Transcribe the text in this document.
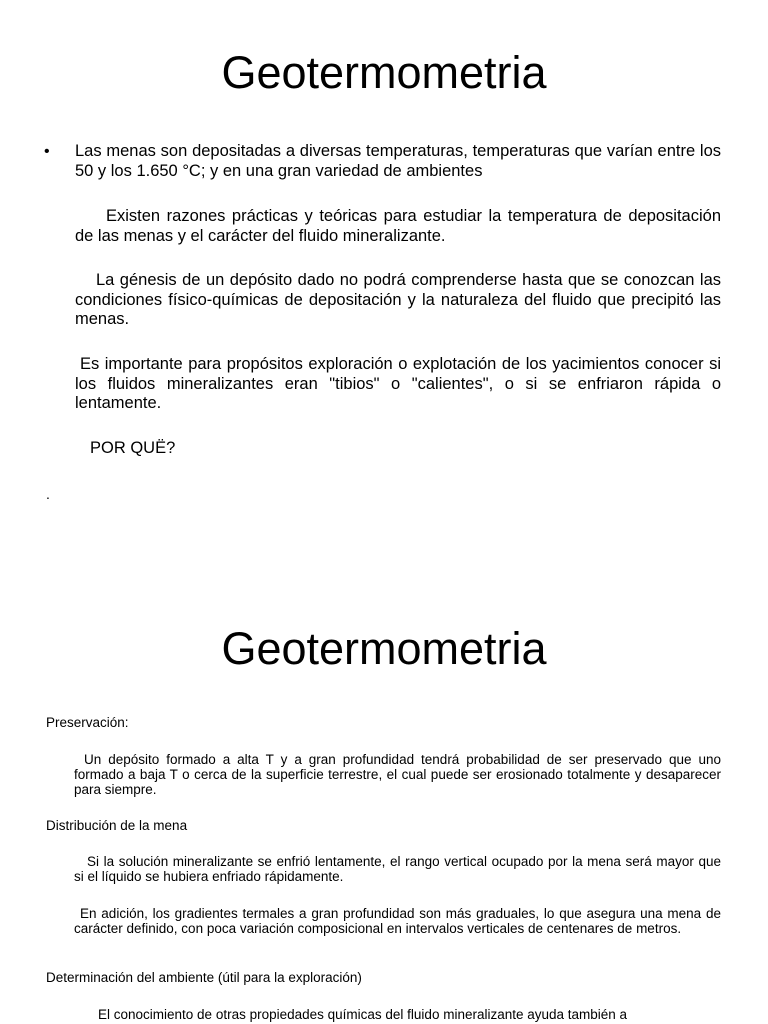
Geotermometria
• Las menas son depositadas a diversas temperaturas, temperaturas que varían entre los 50 y los 1.650 °C; y en una gran variedad de ambientes

Existen razones prácticas y teóricas para estudiar la temperatura de depositación de las menas y el carácter del fluido mineralizante.

La génesis de un depósito dado no podrá comprenderse hasta que se conozcan las condiciones físico-químicas de depositación y la naturaleza del fluido que precipitó las menas.

Es importante para propósitos exploración o explotación de los yacimientos conocer si los fluidos mineralizantes eran "tibios" o "calientes", o si se enfriaron rápida o lentamente.

POR QUË?

.
Geotermometria

Preservación:

Un depósito formado a alta T y a gran profundidad tendrá probabilidad de ser preservado que uno formado a baja T o cerca de la superficie terrestre, el cual puede ser erosionado totalmente y desaparecer para siempre.

Distribución de la mena

Si la solución mineralizante se enfrió lentamente, el rango vertical ocupado por la mena será mayor que si el líquido se hubiera enfriado rápidamente.

En adición, los gradientes termales a gran profundidad son más graduales, lo que asegura una mena de carácter definido, con poca variación composicional en intervalos verticales de centenares de metros.

Determinación del ambiente (útil para la exploración)

El conocimiento de otras propiedades químicas del fluido mineralizante ayuda también a
